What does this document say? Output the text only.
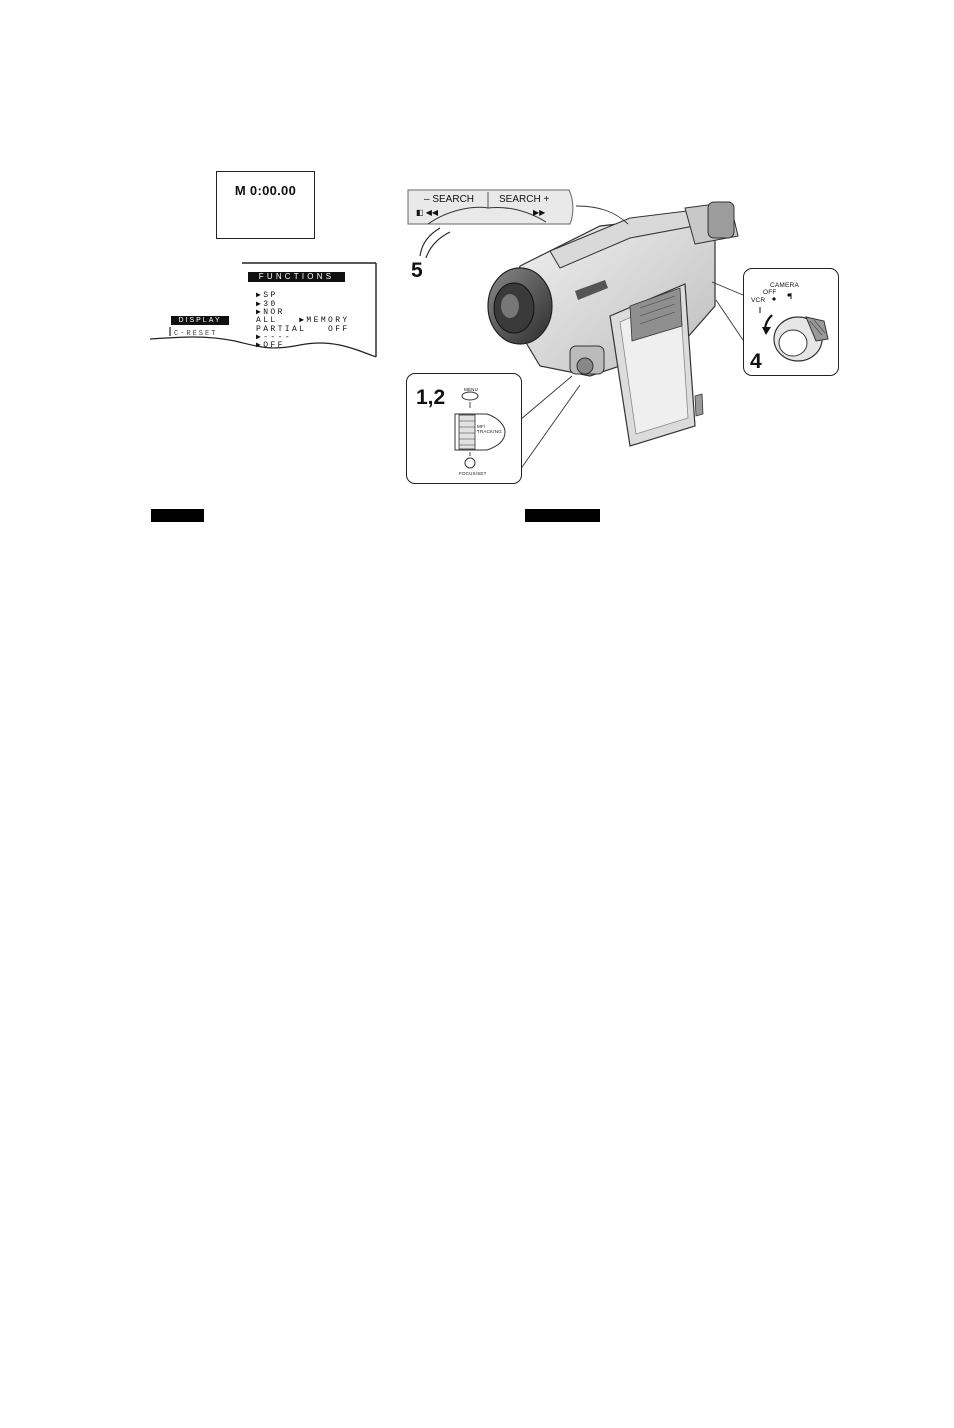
M 0:00.00
FUNCTIONS
▶SP
▶30
▶NOR
ALL   ▶MEMORY
PARTIAL   OFF
▶----
▶OFF
DISPLAY
C-RESET
– SEARCH SEARCH +
◧ ◀◀	▶▶
5
CAMERA
OFF
VCR
4
1,2	MENU
MF/ TRACKING
FOCUS/SET
